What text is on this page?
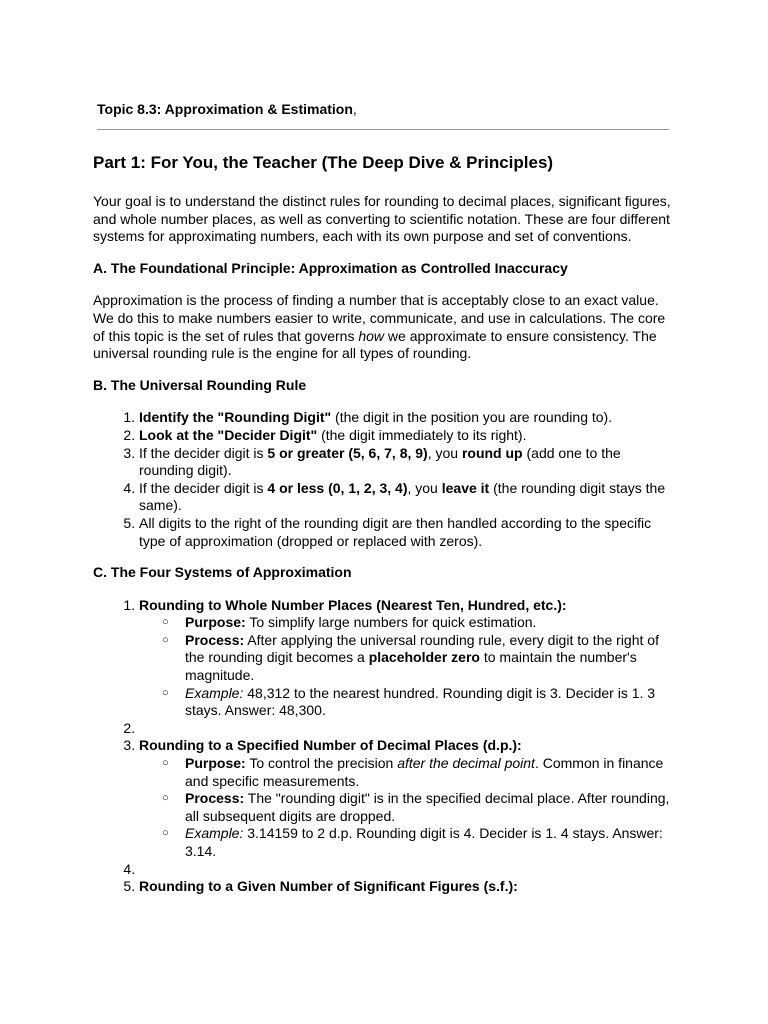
Topic 8.3: Approximation & Estimation,
Part 1: For You, the Teacher (The Deep Dive & Principles)

Your goal is to understand the distinct rules for rounding to decimal places, significant figures, and whole number places, as well as converting to scientific notation. These are four different systems for approximating numbers, each with its own purpose and set of conventions.

A. The Foundational Principle: Approximation as Controlled Inaccuracy

Approximation is the process of finding a number that is acceptably close to an exact value. We do this to make numbers easier to write, communicate, and use in calculations. The core of this topic is the set of rules that governs how we approximate to ensure consistency. The universal rounding rule is the engine for all types of rounding.

B. The Universal Rounding Rule
1. Identify the "Rounding Digit" (the digit in the position you are rounding to).
2. Look at the "Decider Digit" (the digit immediately to its right).
3. If the decider digit is 5 or greater (5, 6, 7, 8, 9), you round up (add one to the rounding digit).
4. If the decider digit is 4 or less (0, 1, 2, 3, 4), you leave it (the rounding digit stays the same).
5. All digits to the right of the rounding digit are then handled according to the specific type of approximation (dropped or replaced with zeros).
C. The Four Systems of Approximation
1. Rounding to Whole Number Places (Nearest Ten, Hundred, etc.):
○ Purpose: To simplify large numbers for quick estimation.
○ Process: After applying the universal rounding rule, every digit to the right of the rounding digit becomes a placeholder zero to maintain the number's magnitude.
○ Example: 48,312 to the nearest hundred. Rounding digit is 3. Decider is 1. 3 stays. Answer: 48,300.
2.
3. Rounding to a Specified Number of Decimal Places (d.p.):
○ Purpose: To control the precision after the decimal point. Common in finance and specific measurements.
○ Process: The "rounding digit" is in the specified decimal place. After rounding, all subsequent digits are dropped.
○ Example: 3.14159 to 2 d.p. Rounding digit is 4. Decider is 1. 4 stays. Answer: 3.14.
4.
5. Rounding to a Given Number of Significant Figures (s.f.):
